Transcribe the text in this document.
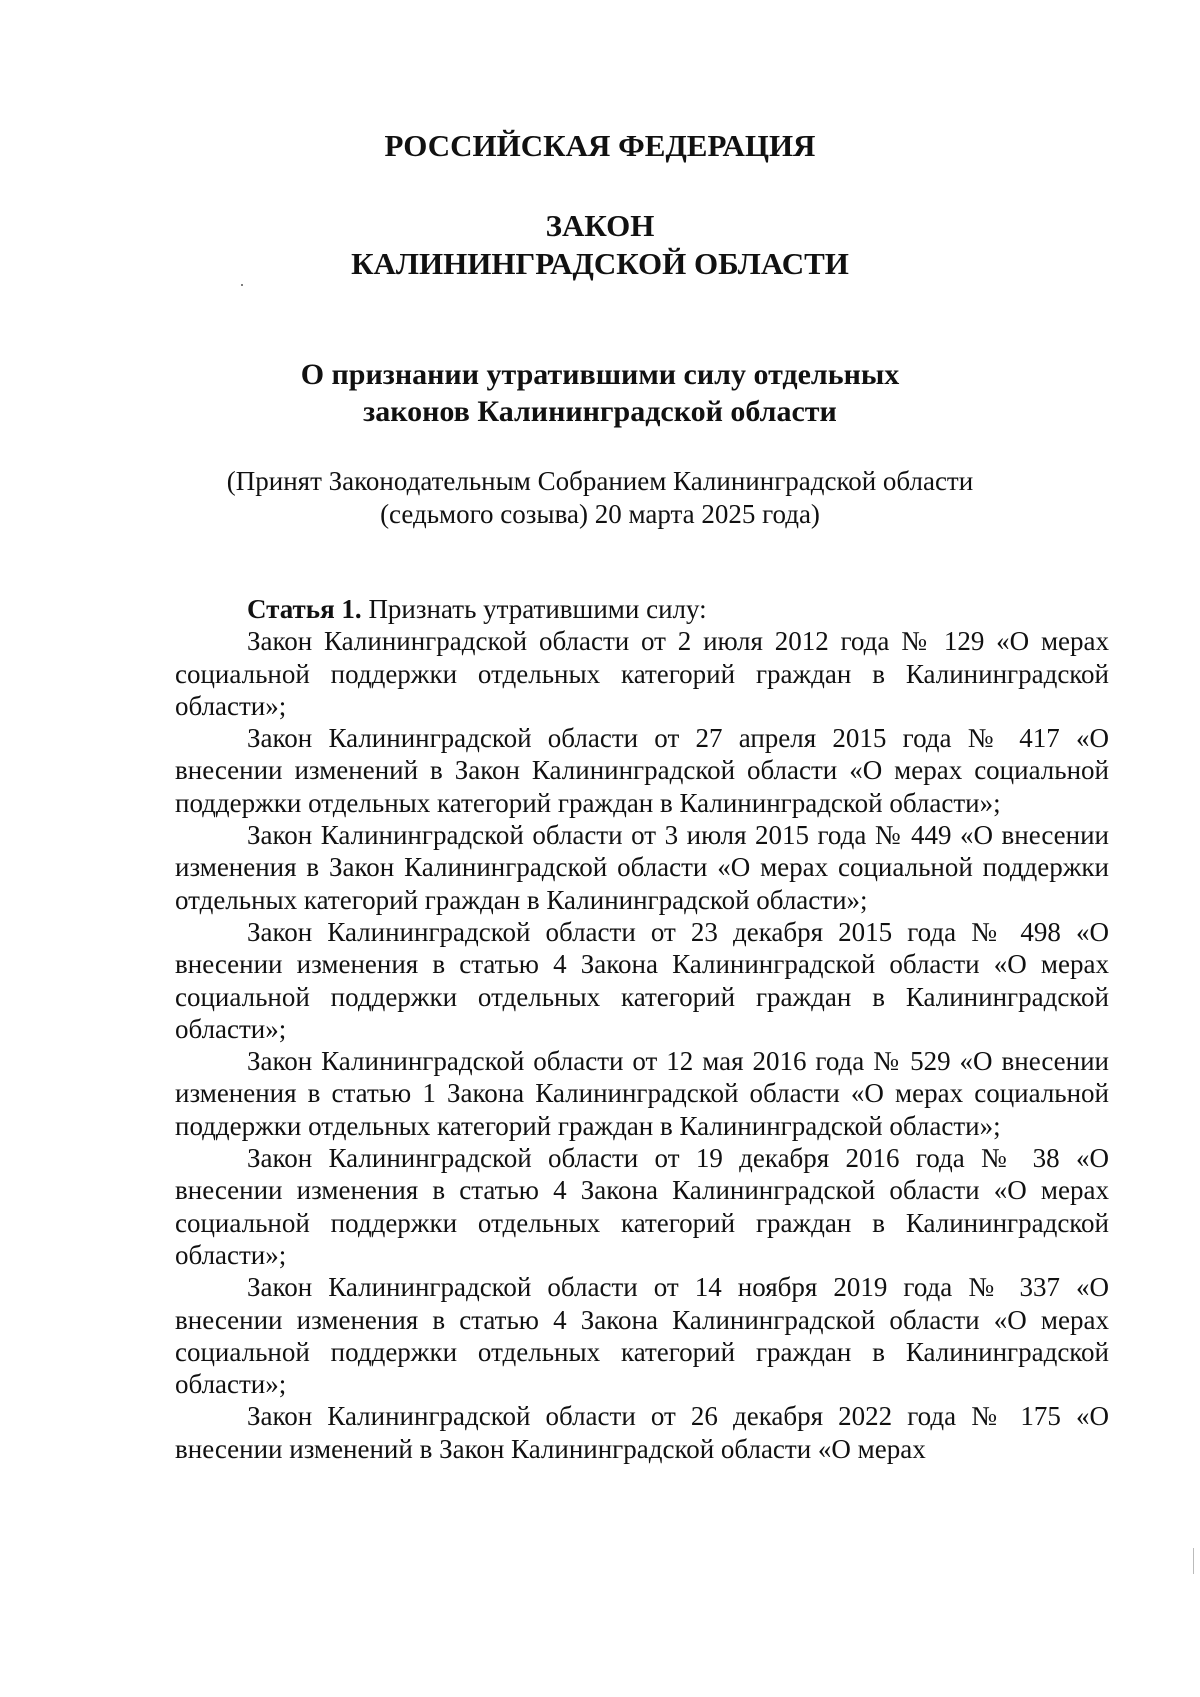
РОССИЙСКАЯ ФЕДЕРАЦИЯ
ЗАКОН
КАЛИНИНГРАДСКОЙ ОБЛАСТИ
О признании утратившими силу отдельных
законов Калининградской области

(Принят Законодательным Собранием Калининградской области
(седьмого созыва) 20 марта 2025 года)

Статья 1. Признать утратившими силу:

Закон Калининградской области от 2 июля 2012 года № 129 «О мерах социальной поддержки отдельных категорий граждан в Калининградской области»;

Закон Калининградской области от 27 апреля 2015 года № 417 «О внесении изменений в Закон Калининградской области «О мерах социальной поддержки отдельных категорий граждан в Калининградской области»;

Закон Калининградской области от 3 июля 2015 года № 449 «О внесении изменения в Закон Калининградской области «О мерах социальной поддержки отдельных категорий граждан в Калининградской области»;

Закон Калининградской области от 23 декабря 2015 года № 498 «О внесении изменения в статью 4 Закона Калининградской области «О мерах социальной поддержки отдельных категорий граждан в Калининградской области»;

Закон Калининградской области от 12 мая 2016 года № 529 «О внесении изменения в статью 1 Закона Калининградской области «О мерах социальной поддержки отдельных категорий граждан в Калининградской области»;

Закон Калининградской области от 19 декабря 2016 года № 38 «О внесении изменения в статью 4 Закона Калининградской области «О мерах социальной поддержки отдельных категорий граждан в Калининградской области»;

Закон Калининградской области от 14 ноября 2019 года № 337 «О внесении изменения в статью 4 Закона Калининградской области «О мерах социальной поддержки отдельных категорий граждан в Калининградской области»;

Закон Калининградской области от 26 декабря 2022 года № 175 «О внесении изменений в Закон Калининградской области «О мерах
